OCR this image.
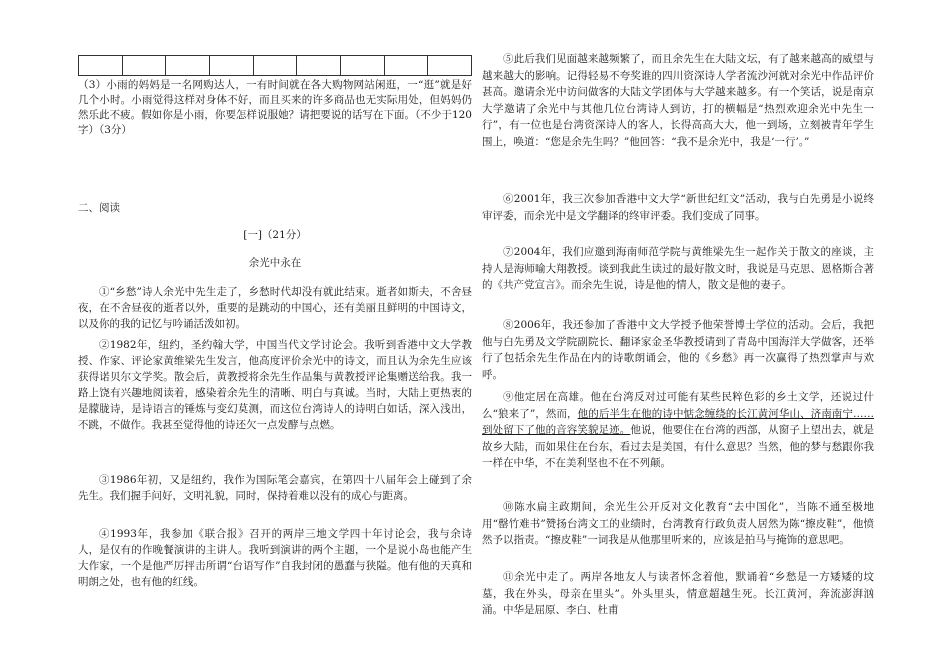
（3）小雨的妈妈是一名网购达人，一有时间就在各大购物网站闲逛，一“逛”就是好几个小时。小雨觉得这样对身体不好，而且买来的许多商品也无实际用处，但妈妈仍然乐此不疲。假如你是小雨，你要怎样说服她？请把要说的话写在下面。（不少于120字）（3分）

二、阅读

[一]（21分）

余光中永在

①“乡愁”诗人余光中先生走了，乡愁时代却没有就此结束。逝者如斯夫，不舍昼夜，在不舍昼夜的逝者以外，重要的是跳动的中国心，还有美丽且鲜明的中国诗文，以及你的我的记忆与吟诵活泼如初。

②1982年，纽约，圣约翰大学，中国当代文学讨论会。我听到香港中文大学教授、作家、评论家黄维梁先生发言，他高度评价余光中的诗文，而且认为余先生应该获得诺贝尔文学奖。散会后，黄教授将余先生作品集与黄教授评论集赠送给我。我一路上饶有兴趣地阅读着，感染着余先生的清晰、明白与真诚。当时，大陆上更热衷的是朦胧诗，是诗语言的锤炼与变幻莫测，而这位台湾诗人的诗明白如话，深入浅出，不跳，不做作。我甚至觉得他的诗还欠一点发酵与点燃。

③1986年初，又是纽约，我作为国际笔会嘉宾，在第四十八届年会上碰到了余先生。我们握手问好，文明礼貌，同时，保持着难以没有的成心与距离。

④1993年，我参加《联合报》召开的两岸三地文学四十年讨论会，我与余诗人，是仅有的作晚餐演讲的主讲人。我听到演讲的两个主题，一个是说小岛也能产生大作家，一个是他严厉抨击所谓“台语写作”自我封闭的愚蠢与狭隘。他有他的天真和明朗之处，也有他的红线。

⑤此后我们见面越来越频繁了，而且余先生在大陆文坛，有了越来越高的威望与越来越大的影响。记得轻易不夸奖谁的四川资深诗人学者流沙河就对余光中作品评价甚高。邀请余光中访问做客的大陆文学团体与大学越来越多。有一个笑话，说是南京大学邀请了余光中与其他几位台湾诗人到访，打的横幅是“热烈欢迎余光中先生一行”，有一位也是台湾资深诗人的客人，长得高高大大，他一到场，立刻被青年学生围上，唤道：“您是余先生吗？”他回答：“我不是余光中，我是‘一行’。”

⑥2001年，我三次参加香港中文大学“新世纪红文”活动，我与白先勇是小说终审评委，而余光中是文学翻译的终审评委。我们变成了同事。

⑦2004年，我们应邀到海南师范学院与黄维梁先生一起作关于散文的座谈，主持人是海师喻大翔教授。谈到我此生读过的最好散文时，我说是马克思、恩格斯合著的《共产党宣言》。而余先生说，诗是他的情人，散文是他的妻子。

⑧2006年，我还参加了香港中文大学授予他荣誉博士学位的活动。会后，我把他与白先勇及文学院副院长、翻译家金圣华教授请到了青岛中国海洋大学做客，还举行了包括余先生作品在内的诗歌朗诵会，他的《乡愁》再一次赢得了热烈掌声与欢呼。

⑨他定居在高雄。他在台湾反对过可能有某些民粹色彩的乡土文学，还说过什么“狼来了”，然而，他的后半生在他的诗中惦念缠绕的长江黄河华山、济南南宁……到处留下了他的音容笑貌足迹。他说，他要住在台湾的西部，从窗子上望出去，就是故乡大陆，而如果住在台东，看过去是美国，有什么意思？当然，他的梦与愁跟你我一样在中华，不在美利坚也不在不列颠。

⑩陈水扁主政期间，余光生公开反对文化教育“去中国化”，当陈不通至极地用“罄竹难书”赞扬台湾文工的业绩时，台湾教育行政负责人居然为陈“擦皮鞋”，他愤然予以指责。“擦皮鞋”一词我是从他那里听来的，应该是拍马与掩饰的意思吧。

⑪余光中走了。两岸各地友人与读者怀念着他，默诵着“乡愁是一方矮矮的坟墓，我在外头，母亲在里头”。外头里头，情意超越生死。长江黄河，奔流澎湃汹涌。中华是屈原、李白、杜甫
